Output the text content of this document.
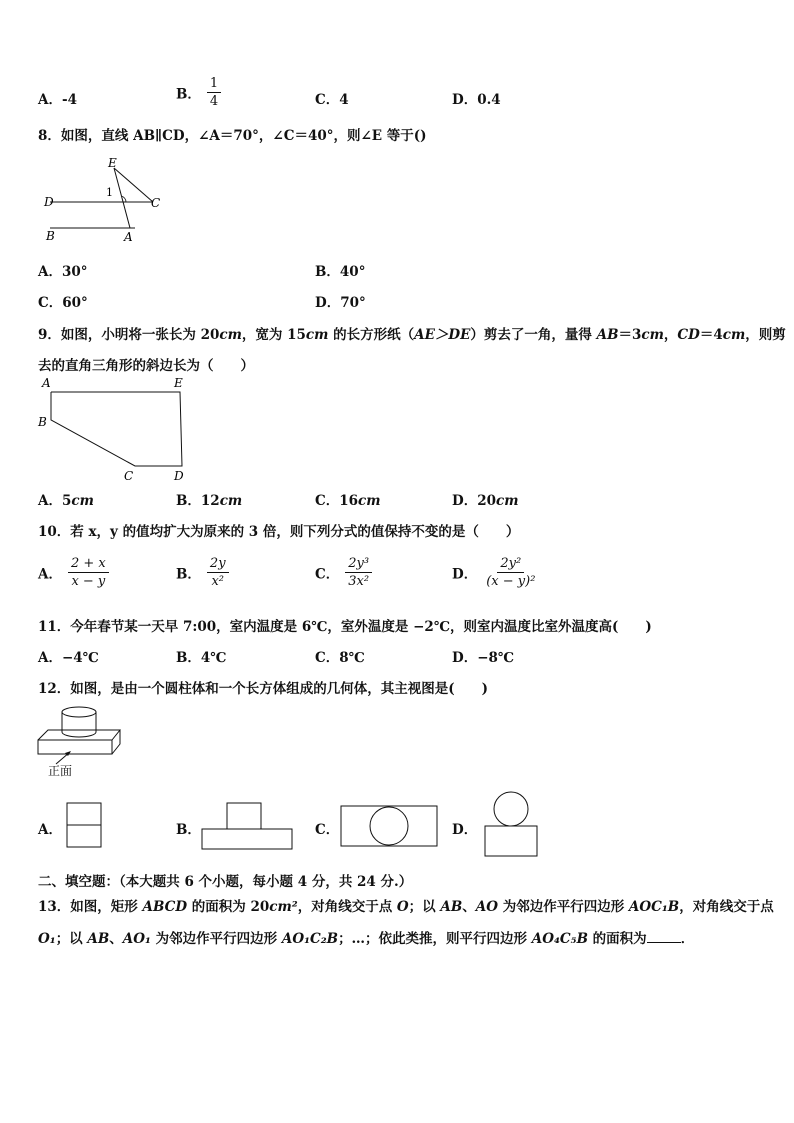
A．-4	B． $\frac{1}{4}$	C．4	D．0.4
8．如图，直线 AB∥CD，∠A＝70°，∠C＝40°，则∠E 等于()
E
1
D	C
B	A
A．30°	B．40°
C．60°	D．70°
9．如图，小明将一张长为 20cm，宽为 15cm 的长方形纸（AE＞DE）剪去了一角，量得 AB＝3cm，CD＝4cm，则剪
去的直角三角形的斜边长为（　　）
A	E
B
C	D
A．5cm	B．12cm	C．16cm	D．20cm
10．若 x，y 的值均扩大为原来的 3 倍，则下列分式的值保持不变的是（　　）
A． $\frac{2 + x}{x - y}$	B． $\frac{2y}{\text{x²}}$	C． $\frac{\text{2y³}}{\text{3x²}}$	D． $\frac{\text{2y²}}{\text{(x − y)²}}$
11．今年春节某一天早 7:00，室内温度是 6℃，室外温度是 −2℃，则室内温度比室外温度高(　　)
A．−4℃	B．4℃	C．8℃	D．−8℃
12．如图，是由一个圆柱体和一个长方体组成的几何体，其主视图是(　　)
正面
A．	B．	C．	D．
二、填空题：（本大题共 6 个小题，每小题 4 分，共 24 分.）
13．如图，矩形 ABCD 的面积为 20cm²，对角线交于点 O；以 AB、AO 为邻边作平行四边形 AOC₁B，对角线交于点
O₁；以 AB、AO₁ 为邻边作平行四边形 AO₁C₂B；…；依此类推，则平行四边形 AO₄C₅B 的面积为	．
